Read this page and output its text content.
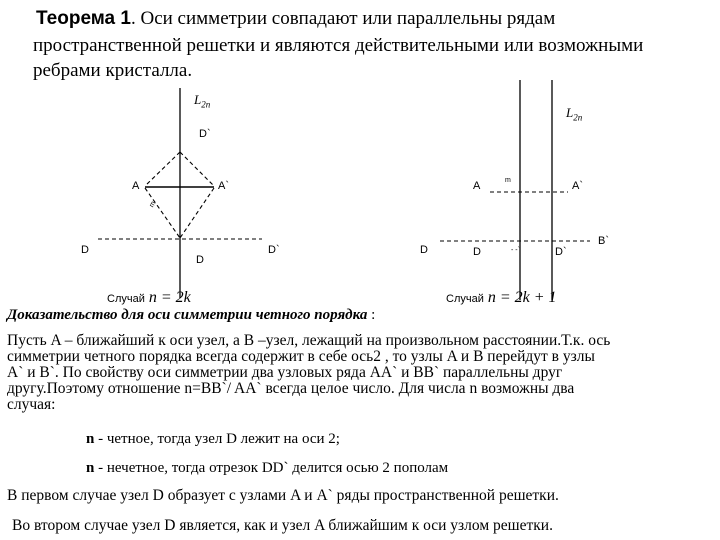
Теорема 1. Оси симметрии совпадают или параллельны рядам
пространственной решетки и являются действительными или возможными
ребрами кристалла.
$L_{2n}$
D`
A	A`
m
D
D
D`
Случай n = 2k
$L_{2n}$
A	m	A`
B`
D	D	- -`	D`
Случай n = 2k + 1
Доказательство для оси симметрии четного порядка :
Пусть A – ближайший к оси узел, а B –узел, лежащий на произвольном расстоянии.Т.к. ось
симметрии четного порядка всегда содержит в себе ось2 , то узлы A и B перейдут в узлы
A` и B`. По свойству оси симметрии два узловых ряда AA` и BB` параллельны друг
другу.Поэтому отношение n=BB`/ AA` всегда целое число. Для числа n возможны два
случая:
n - четное, тогда узел D лежит на оси 2;
n - нечетное, тогда отрезок DD` делится осью 2 пополам
В первом случае узел D образует с узлами A и A` ряды пространственной решетки.
Во втором случае узел D является, как и узел A ближайшим к оси узлом решетки.
